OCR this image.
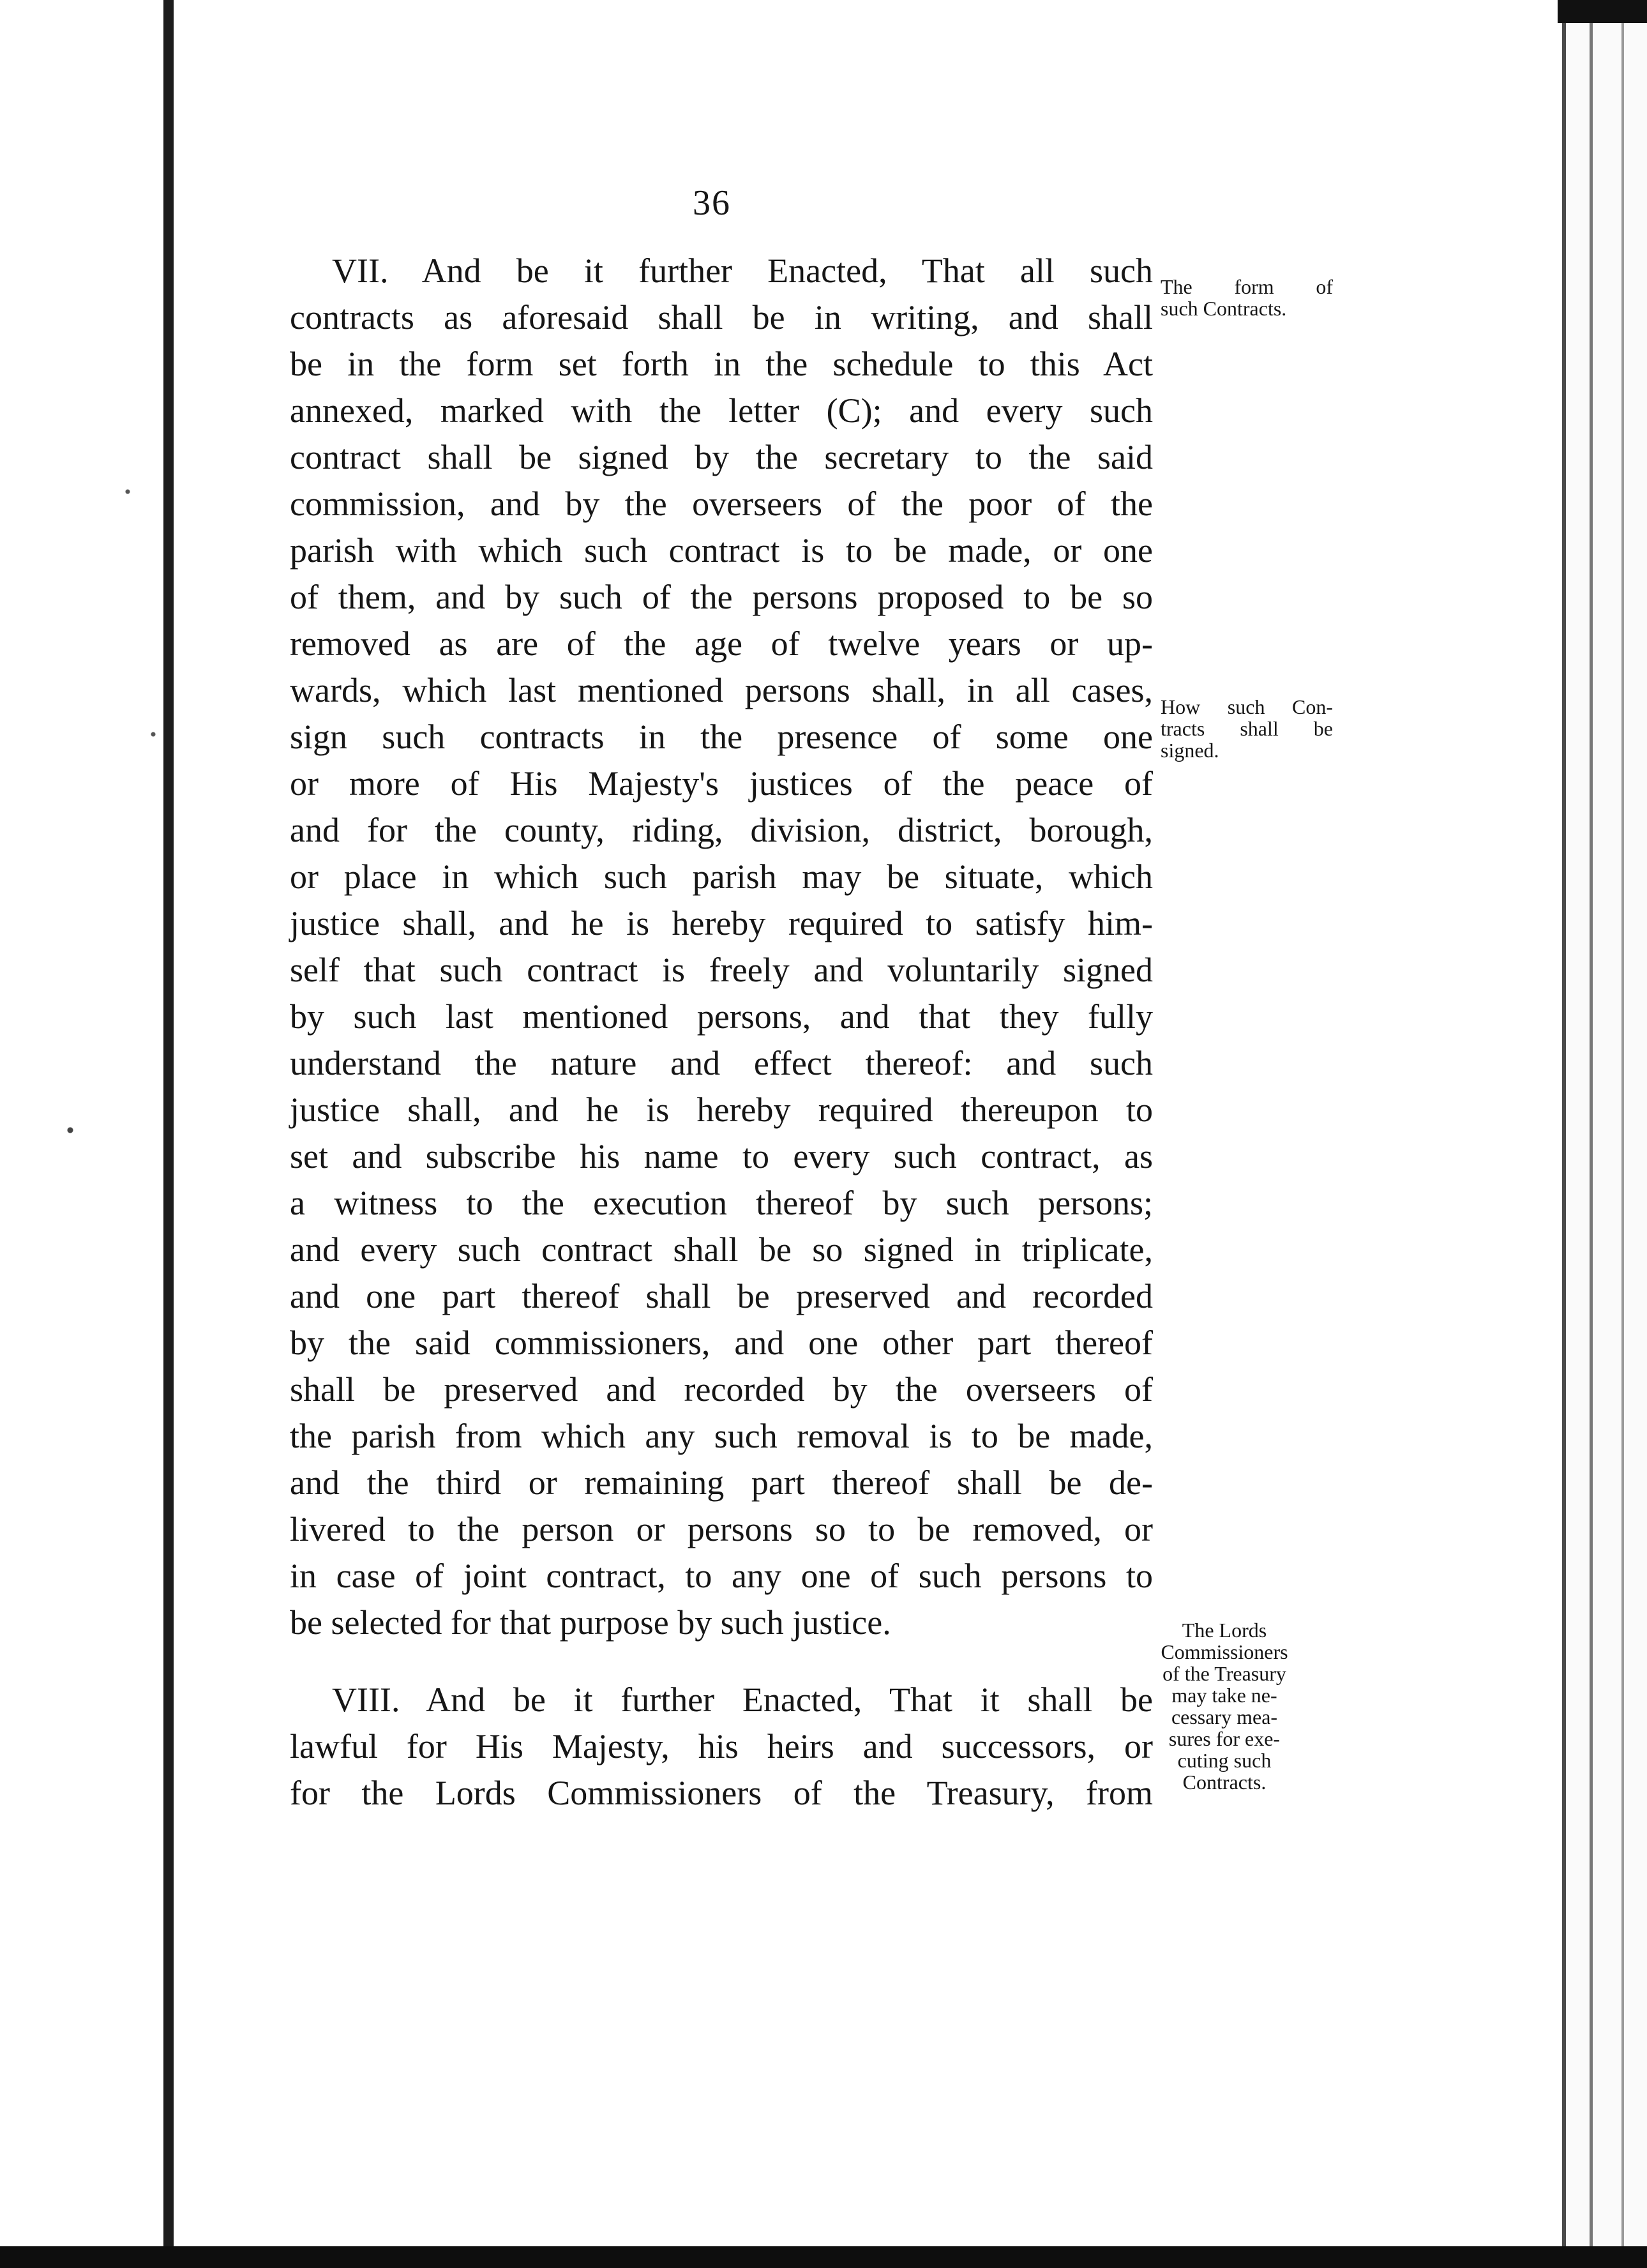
36
VII. And be it further Enacted, That all such
contracts as aforesaid shall be in writing, and shall
be in the form set forth in the schedule to this Act
annexed, marked with the letter (C); and every such
contract shall be signed by the secretary to the said
commission, and by the overseers of the poor of the
parish with which such contract is to be made, or one
of them, and by such of the persons proposed to be so
removed as are of the age of twelve years or up-
wards, which last mentioned persons shall, in all cases,
sign such contracts in the presence of some one
or more of His Majesty's justices of the peace of
and for the county, riding, division, district, borough,
or place in which such parish may be situate, which
justice shall, and he is hereby required to satisfy him-
self that such contract is freely and voluntarily signed
by such last mentioned persons, and that they fully
understand the nature and effect thereof: and such
justice shall, and he is hereby required thereupon to
set and subscribe his name to every such contract, as
a witness to the execution thereof by such persons;
and every such contract shall be so signed in triplicate,
and one part thereof shall be preserved and recorded
by the said commissioners, and one other part thereof
shall be preserved and recorded by the overseers of
the parish from which any such removal is to be made,
and the third or remaining part thereof shall be de-
livered to the person or persons so to be removed, or
in case of joint contract, to any one of such persons to
be selected for that purpose by such justice.
VIII. And be it further Enacted, That it shall be
lawful for His Majesty, his heirs and successors, or
for the Lords Commissioners of the Treasury, from
The form of
such Contracts.
How such Con-
tracts shall be
signed.
The Lords
Commissioners
of the Treasury
may take ne-
cessary mea-
sures for exe-
cuting such
Contracts.
